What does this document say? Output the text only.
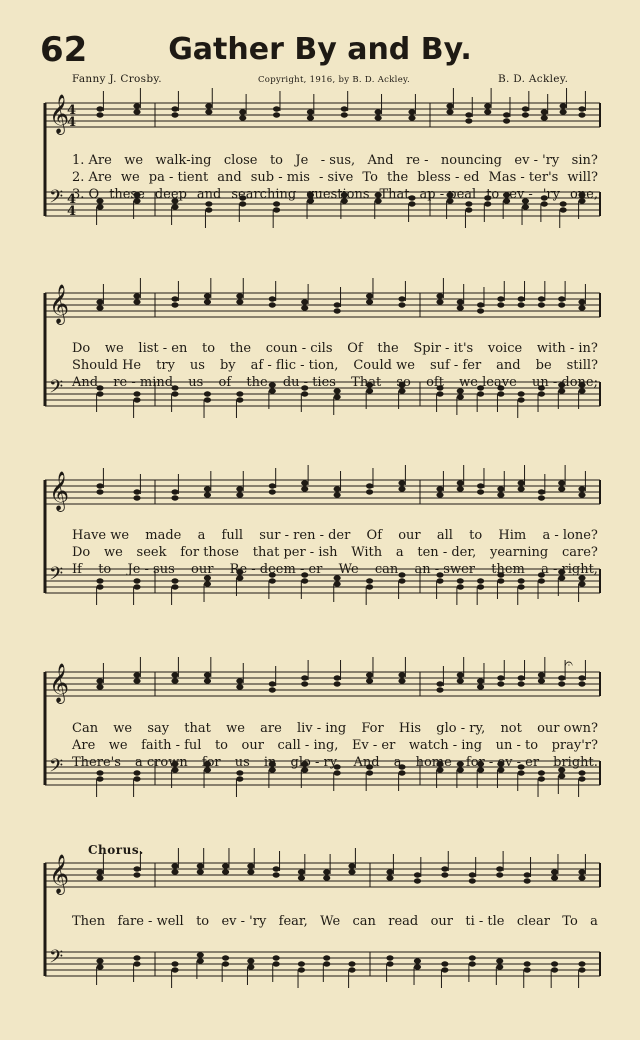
62	Gather By and By.
Fanny J. Crosby.	Copyright, 1916, by B. D. Ackley.	B. D. Ackley.
𝄞
4
4
𝄢 4
4
1. Are we walk-ing close to Je - sus, And re - nouncing ev - 'ry sin?
2. Are we pa - tient and sub - mis - sive To the bless - ed Mas - ter's will?
3. O these deep and searching questions That ap - peal to ev - 'ry one,
𝄞
𝄢
Do we list - en to the coun - cils Of the Spir - it's voice with - in?
Should He try us by af - flic - tion, Could we suf - fer and be still?
And re - mind us of the du - ties That so oft we leave un - done;
𝄞
𝄢
Have we made a full sur - ren - der Of our all to Him a - lone?
Do we seek for those that per - ish With a ten - der, yearning care?
If to Je - sus our Re - deem - er We can an - swer them a - right,
𝄞
𝄢
𝄐
Can we say that we are liv - ing For His glo - ry, not our own?
Are we faith - ful to our call - ing, Ev - er watch - ing un - to pray'r?
There's a crown for us in glo - ry, And a home for - ev - er bright.
Chorus.
𝄞
𝄢
Then fare - well to ev - 'ry fear, We can read our ti - tle clear To a
